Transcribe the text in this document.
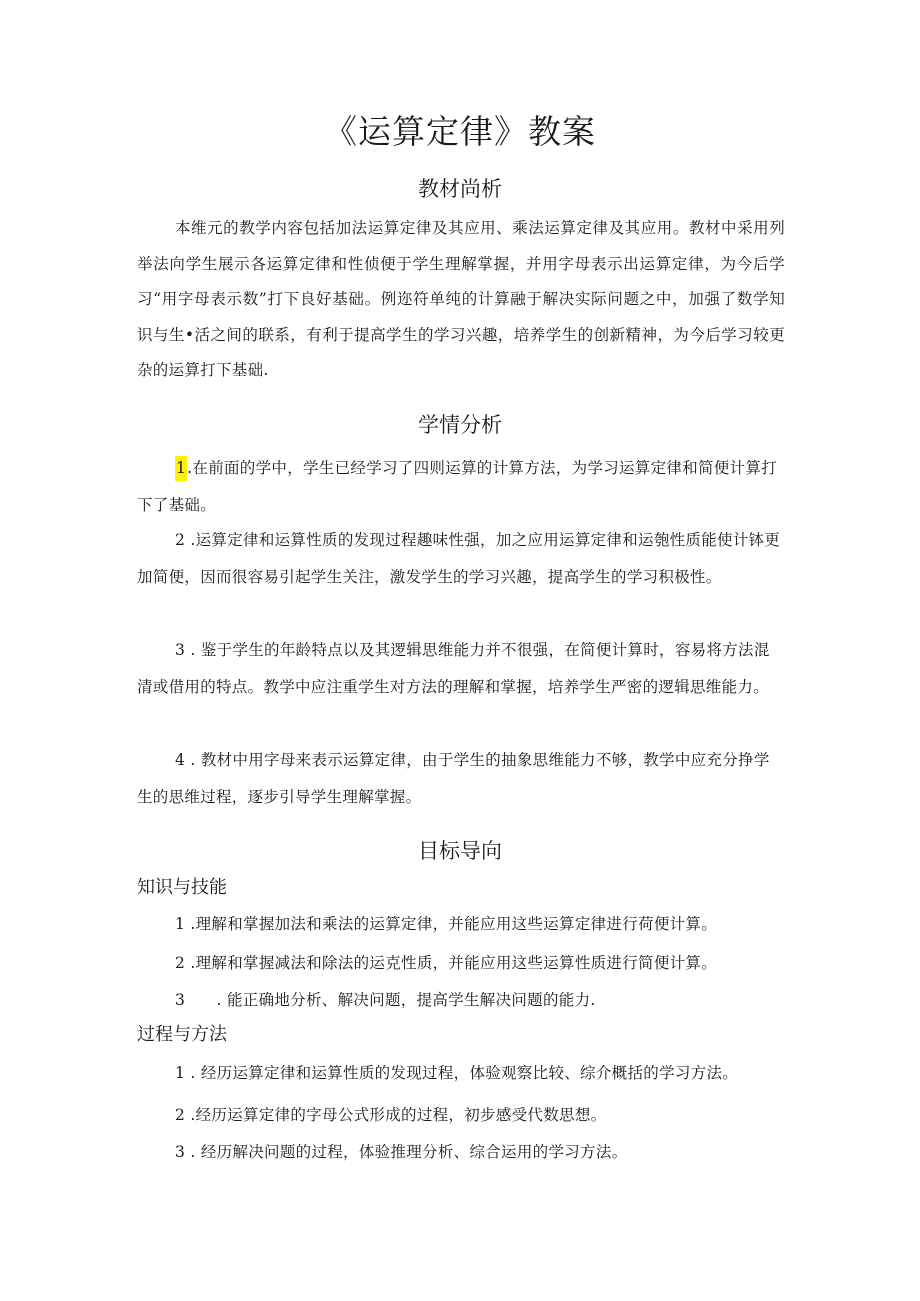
《运算定律》教案
教材尚析
本维元的教学内容包括加法运算定律及其应用、乘法运算定律及其应用。教材中采用列举法向学生展示各运算定律和性侦便于学生理解掌握，并用字母表示出运算定律，为今后学习“用字母表示数”打下良好基础。例迩符单纯的计算融于解决实际问题之中，加强了数学知识与生•活之间的联系，有利于提高学生的学习兴趣，培养学生的创新精神，为今后学习较更杂的运算打下基础.
学情分析
1.在前面的学中，学生已经学习了四则运算的计算方法，为学习运算定律和简便计算打下了基础。
2 .运算定律和运算性质的发现过程趣味性强，加之应用运算定律和运匏性质能使计钵更加简便，因而很容易引起学生关注，激发学生的学习兴趣，提高学生的学习积极性。
3 . 鉴于学生的年龄特点以及其逻辑思维能力并不很强，在简便计算时，容易将方法混清或借用的特点。教学中应注重学生对方法的理解和掌握，培养学生严密的逻辑思维能力。
4 . 教材中用字母来表示运算定律，由于学生的抽象思维能力不够，教学中应充分挣学生的思维过程，逐步引导学生理解掌握。
目标导向
知识与技能
1 .理解和掌握加法和乘法的运算定律，并能应用这些运算定律进行荷便计算。
2 .理解和掌握减法和除法的运克性质，并能应用这些运算性质进行简便计算。
3      . 能正确地分析、解决问题，提高学生解决问题的能力.
过程与方法
1 . 经历运算定律和运算性质的发现过程，体验观察比较、综介概括的学习方法。
2 .经历运算定律的字母公式形成的过程，初步感受代数思想。
3 . 经历解决问题的过程，体验推理分析、综合运用的学习方法。
